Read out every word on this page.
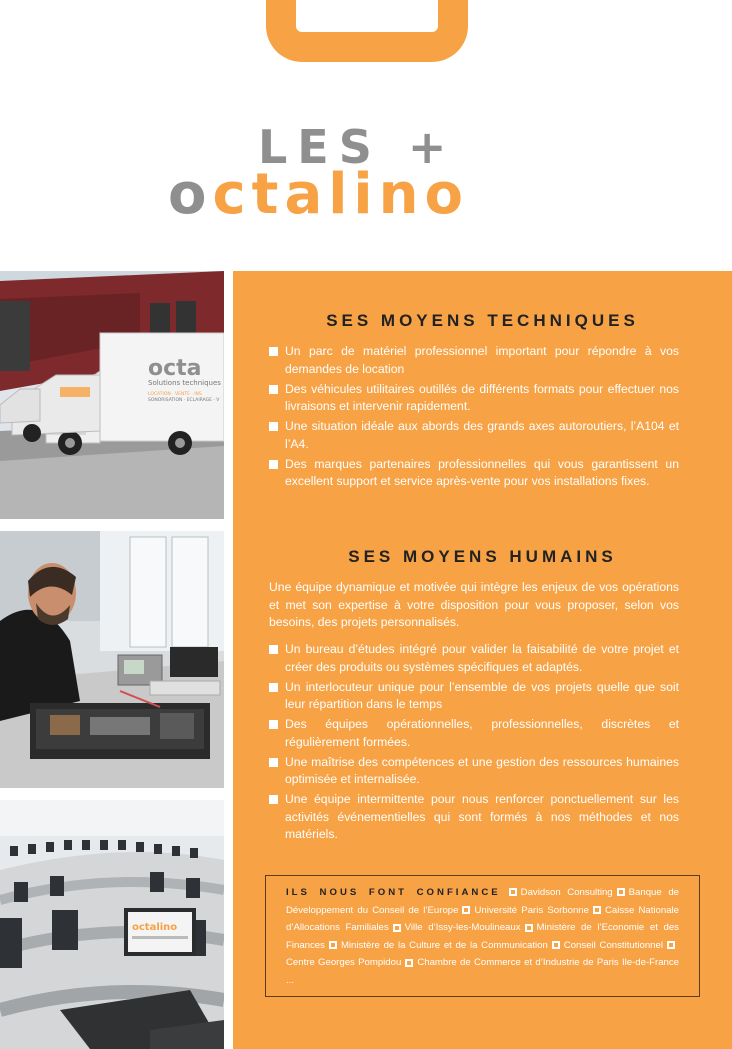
LES +
octalino
octa
Solutions techniques
LOCATION · VENTE · INS
SONORISATION · ECLAIRAGE · V
octalino
SES MOYENS TECHNIQUES
Un parc de matériel professionnel important pour répondre à vos demandes de location
Des véhicules utilitaires outillés de différents formats pour effectuer nos livraisons et intervenir rapidement.
Une situation idéale aux abords des grands axes autoroutiers, l’A104 et l’A4.
Des marques partenaires professionnelles qui vous garantissent un excellent support et service après-vente pour vos installations fixes.
SES MOYENS HUMAINS

Une équipe dynamique et motivée qui intègre les enjeux de vos opérations et met son expertise à votre disposition pour vous proposer, selon vos besoins, des projets personnalisés.

Un bureau d’études intégré pour valider la faisabilité de votre projet et créer des produits ou systèmes spécifiques et adaptés.
Un interlocuteur unique pour l’ensemble de vos projets quelle que soit leur répartition dans le temps
Des équipes opérationnelles, professionnelles, discrètes et régulièrement formées.
Une maîtrise des compétences et une gestion des ressources humaines optimisée et internalisée.
Une équipe intermittente pour nous renforcer ponctuellement sur les activités événementielles qui sont formés à nos méthodes et nos matériels.
ILS NOUS FONT CONFIANCE Davidson Consulting Banque de Développement du Conseil de l’Europe Université Paris Sorbonne Caisse Nationale d’Allocations Familiales Ville d’Issy-les-Moulineaux Ministère de l’Economie et des Finances Ministère de la Culture et de la Communication Conseil ConstitutionnelCentre Georges Pompidou Chambre de Commerce et d’Industrie de Paris Ile-de-France ...
